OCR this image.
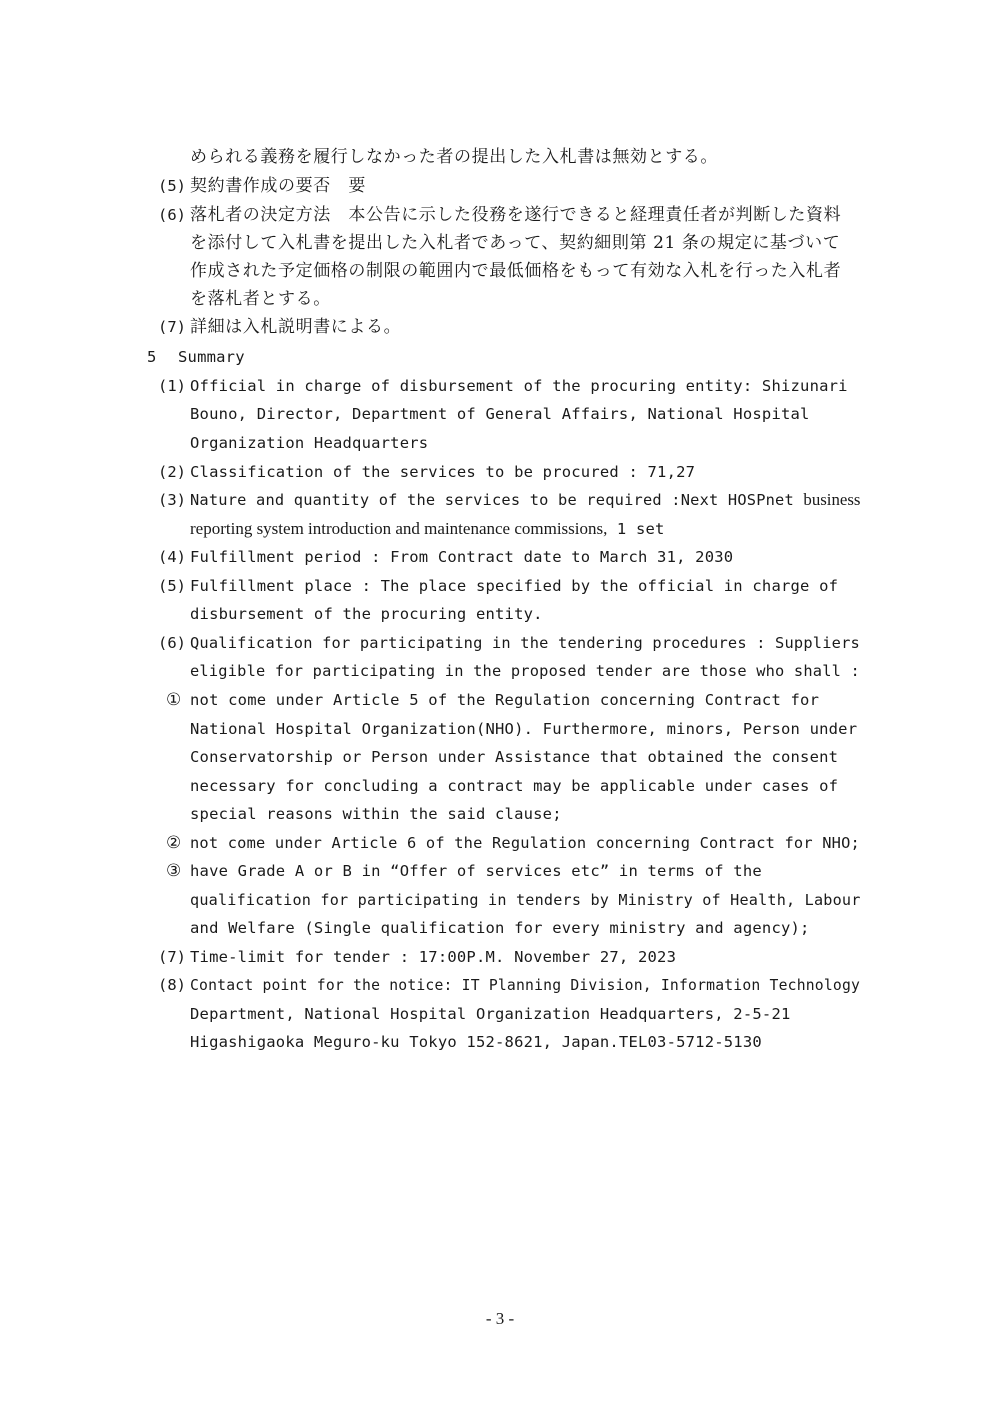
められる義務を履行しなかった者の提出した入札書は無効とする。
(5) 契約書作成の要否　要
(6) 落札者の決定方法　本公告に示した役務を遂行できると経理責任者が判断した資料
を添付して入札書を提出した入札者であって、契約細則第 21 条の規定に基づいて
作成された予定価格の制限の範囲内で最低価格をもって有効な入札を行った入札者
を落札者とする。
(7) 詳細は入札説明書による。
5 Summary
(1) Official in charge of disbursement of the procuring entity: Shizunari
Bouno, Director, Department of General Affairs, National Hospital
Organization Headquarters
(2) Classification of the services to be procured : 71,27
(3) Nature and quantity of the services to be required :Next HOSPnet business
reporting system introduction and maintenance commissions, 1 set
(4) Fulfillment period : From Contract date to March 31, 2030
(5) Fulfillment place : The place specified by the official in charge of
disbursement of the procuring entity.
(6) Qualification for participating in the tendering procedures : Suppliers
eligible for participating in the proposed tender are those who shall :
① not come under Article 5 of the Regulation concerning Contract for
National Hospital Organization(NHO). Furthermore, minors, Person under
Conservatorship or Person under Assistance that obtained the consent
necessary for concluding a contract may be applicable under cases of
special reasons within the said clause;
② not come under Article 6 of the Regulation concerning Contract for NHO;
③ have Grade A or B in “Offer of services etc” in terms of the
qualification for participating in tenders by Ministry of Health, Labour
and Welfare (Single qualification for every ministry and agency);
(7) Time-limit for tender : 17:00P.M. November 27, 2023
(8) Contact point for the notice: IT Planning Division, Information Technology
Department, National Hospital Organization Headquarters, 2-5-21
Higashigaoka Meguro-ku Tokyo 152-8621, Japan.TEL03-5712-5130
- 3 -
